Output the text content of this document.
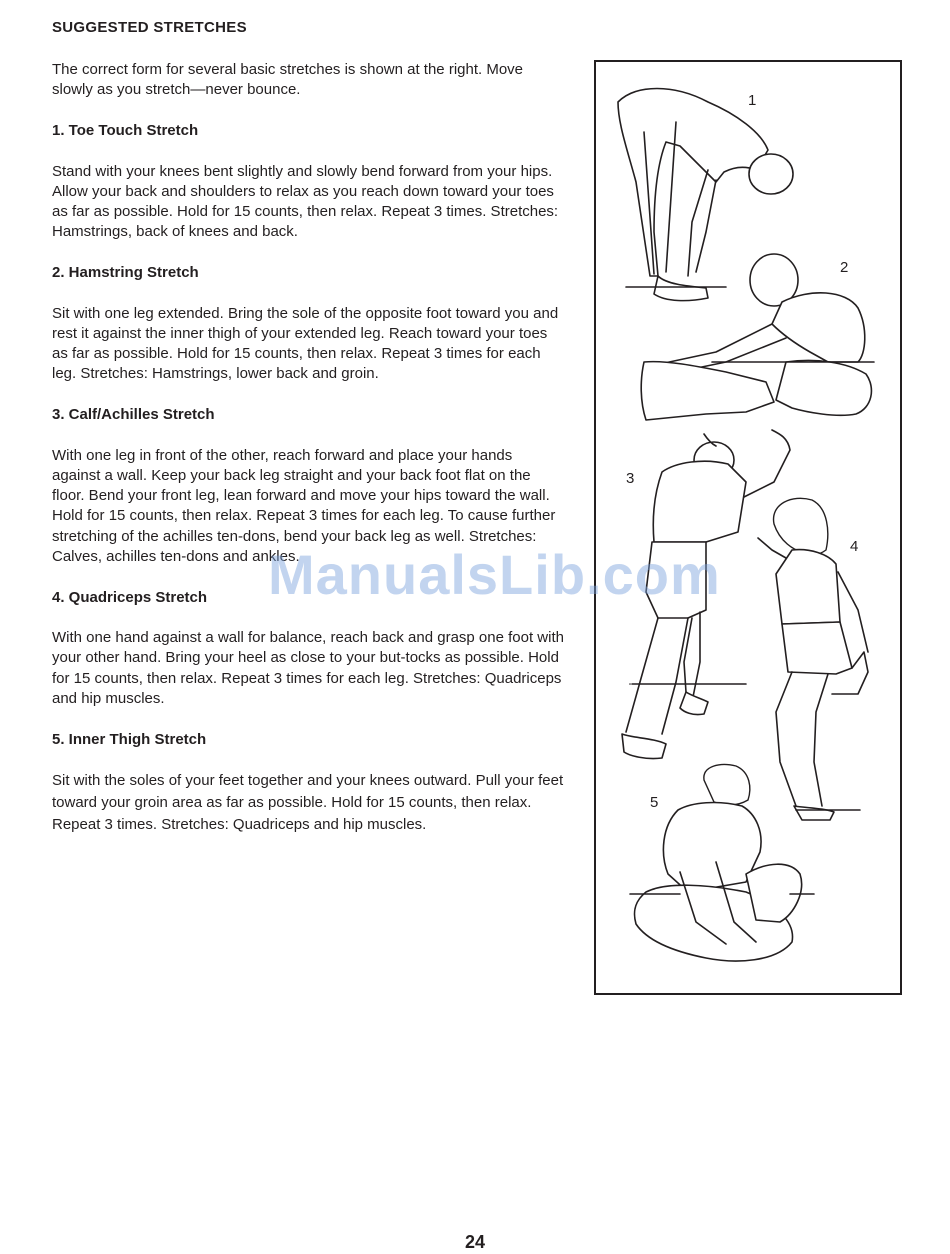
SUGGESTED STRETCHES

The correct form for several basic stretches is shown at the right. Move slowly as you stretch—never bounce.

1. Toe Touch Stretch

Stand with your knees bent slightly and slowly bend forward from your hips. Allow your back and shoulders to relax as you reach down toward your toes as far as possible. Hold for 15 counts, then relax. Repeat 3 times. Stretches: Hamstrings, back of knees and back.

2. Hamstring Stretch

Sit with one leg extended. Bring the sole of the opposite foot toward you and rest it against the inner thigh of your extended leg. Reach toward your toes as far as possible. Hold for 15 counts, then relax. Repeat 3 times for each leg. Stretches: Hamstrings, lower back and groin.

3. Calf/Achilles Stretch

With one leg in front of the other, reach forward and place your hands against a wall. Keep your back leg straight and your back foot flat on the floor. Bend your front leg, lean forward and move your hips toward the wall. Hold for 15 counts, then relax. Repeat 3 times for each leg. To cause further stretching of the achilles ten-dons, bend your back leg as well. Stretches: Calves, achilles ten-dons and ankles.

4. Quadriceps Stretch

With one hand against a wall for balance, reach back and grasp one foot with your other hand. Bring your heel as close to your but-tocks as possible. Hold for 15 counts, then relax. Repeat 3 times for each leg. Stretches: Quadriceps and hip muscles.

5. Inner Thigh Stretch

Sit with the soles of your feet together and your knees outward. Pull your feet toward your groin area as far as possible. Hold for 15 counts, then relax. Repeat 3 times. Stretches: Quadriceps and hip muscles.

1
2
3
4
5
ManualsLib.com
24
